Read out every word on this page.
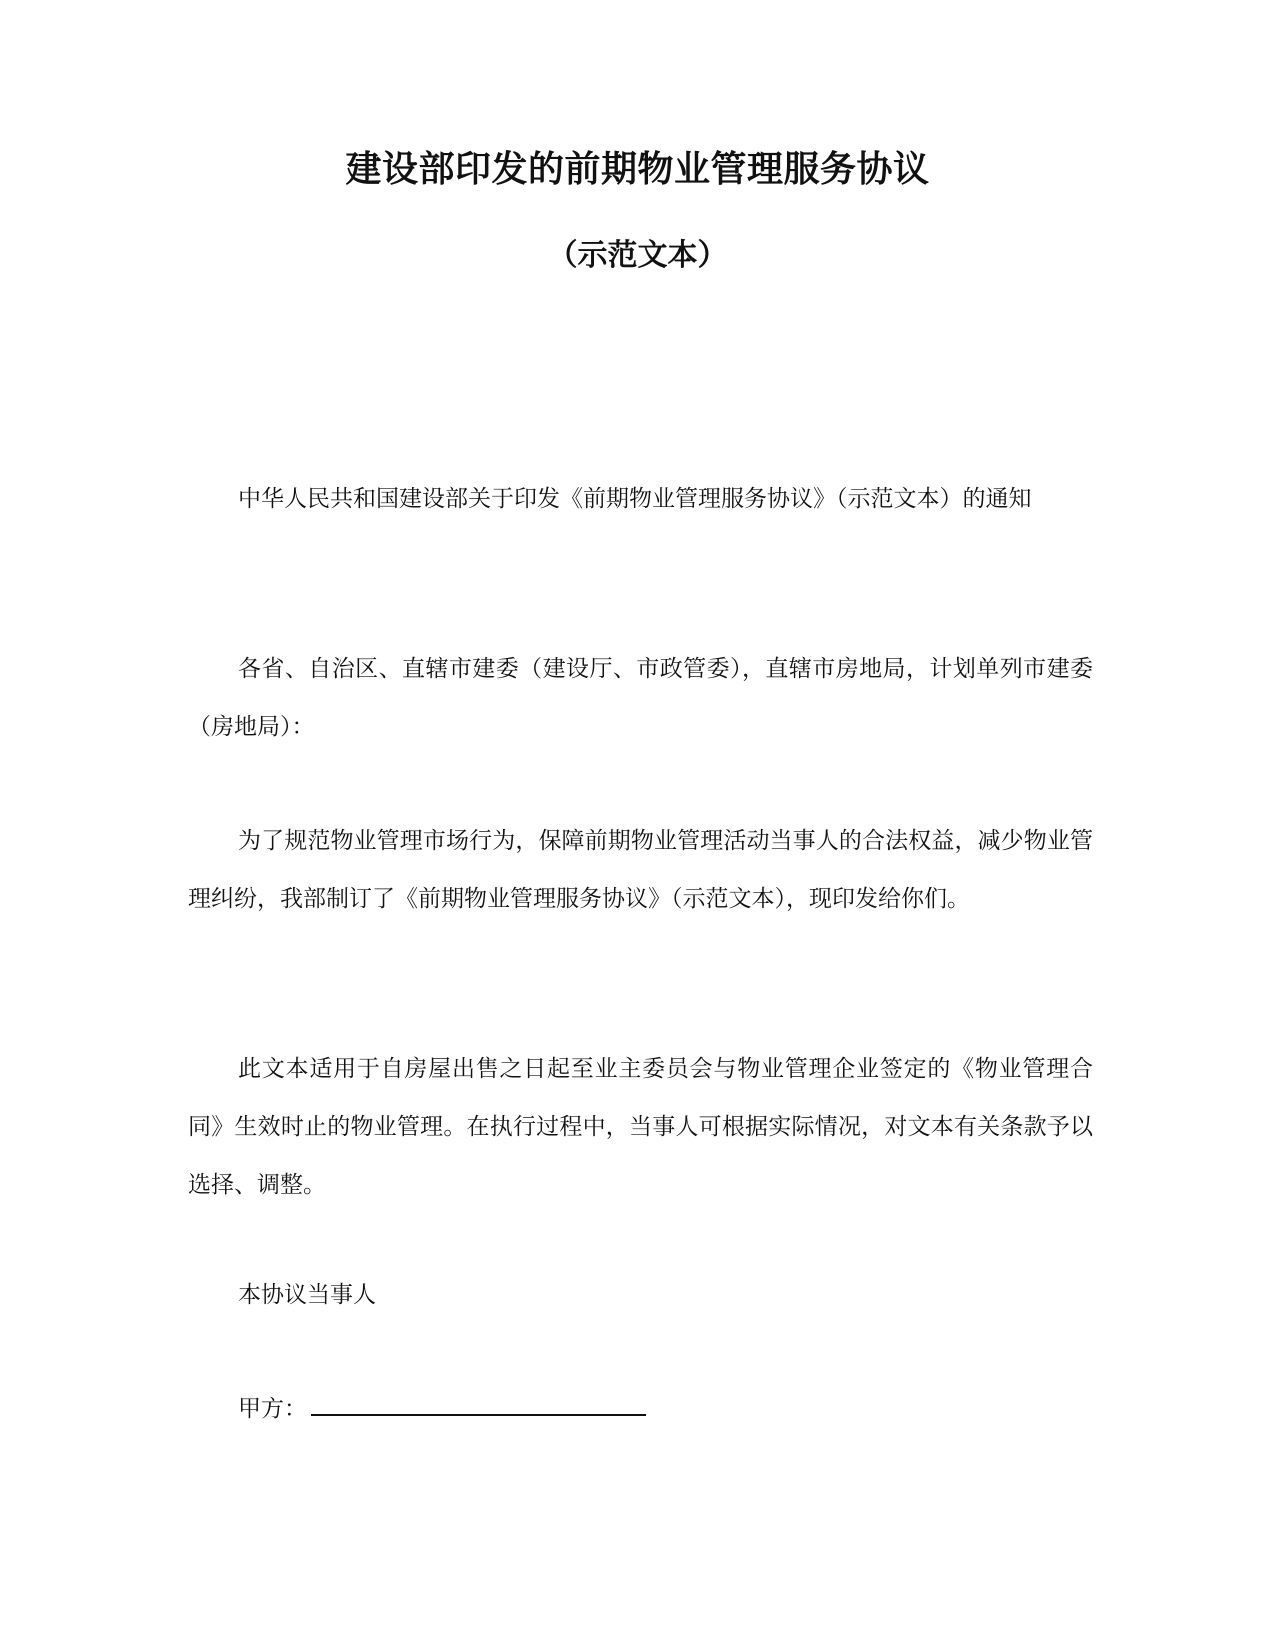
建设部印发的前期物业管理服务协议
（示范文本）

中华人民共和国建设部关于印发《前期物业管理服务协议》（示范文本）的通知

各省、自治区、直辖市建委（建设厅、市政管委），直辖市房地局，计划单列市建委（房地局）：

为了规范物业管理市场行为，保障前期物业管理活动当事人的合法权益，减少物业管理纠纷，我部制订了《前期物业管理服务协议》（示范文本），现印发给你们。

此文本适用于自房屋出售之日起至业主委员会与物业管理企业签定的《物业管理合同》生效时止的物业管理。在执行过程中，当事人可根据实际情况，对文本有关条款予以选择、调整。

本协议当事人

甲方：
